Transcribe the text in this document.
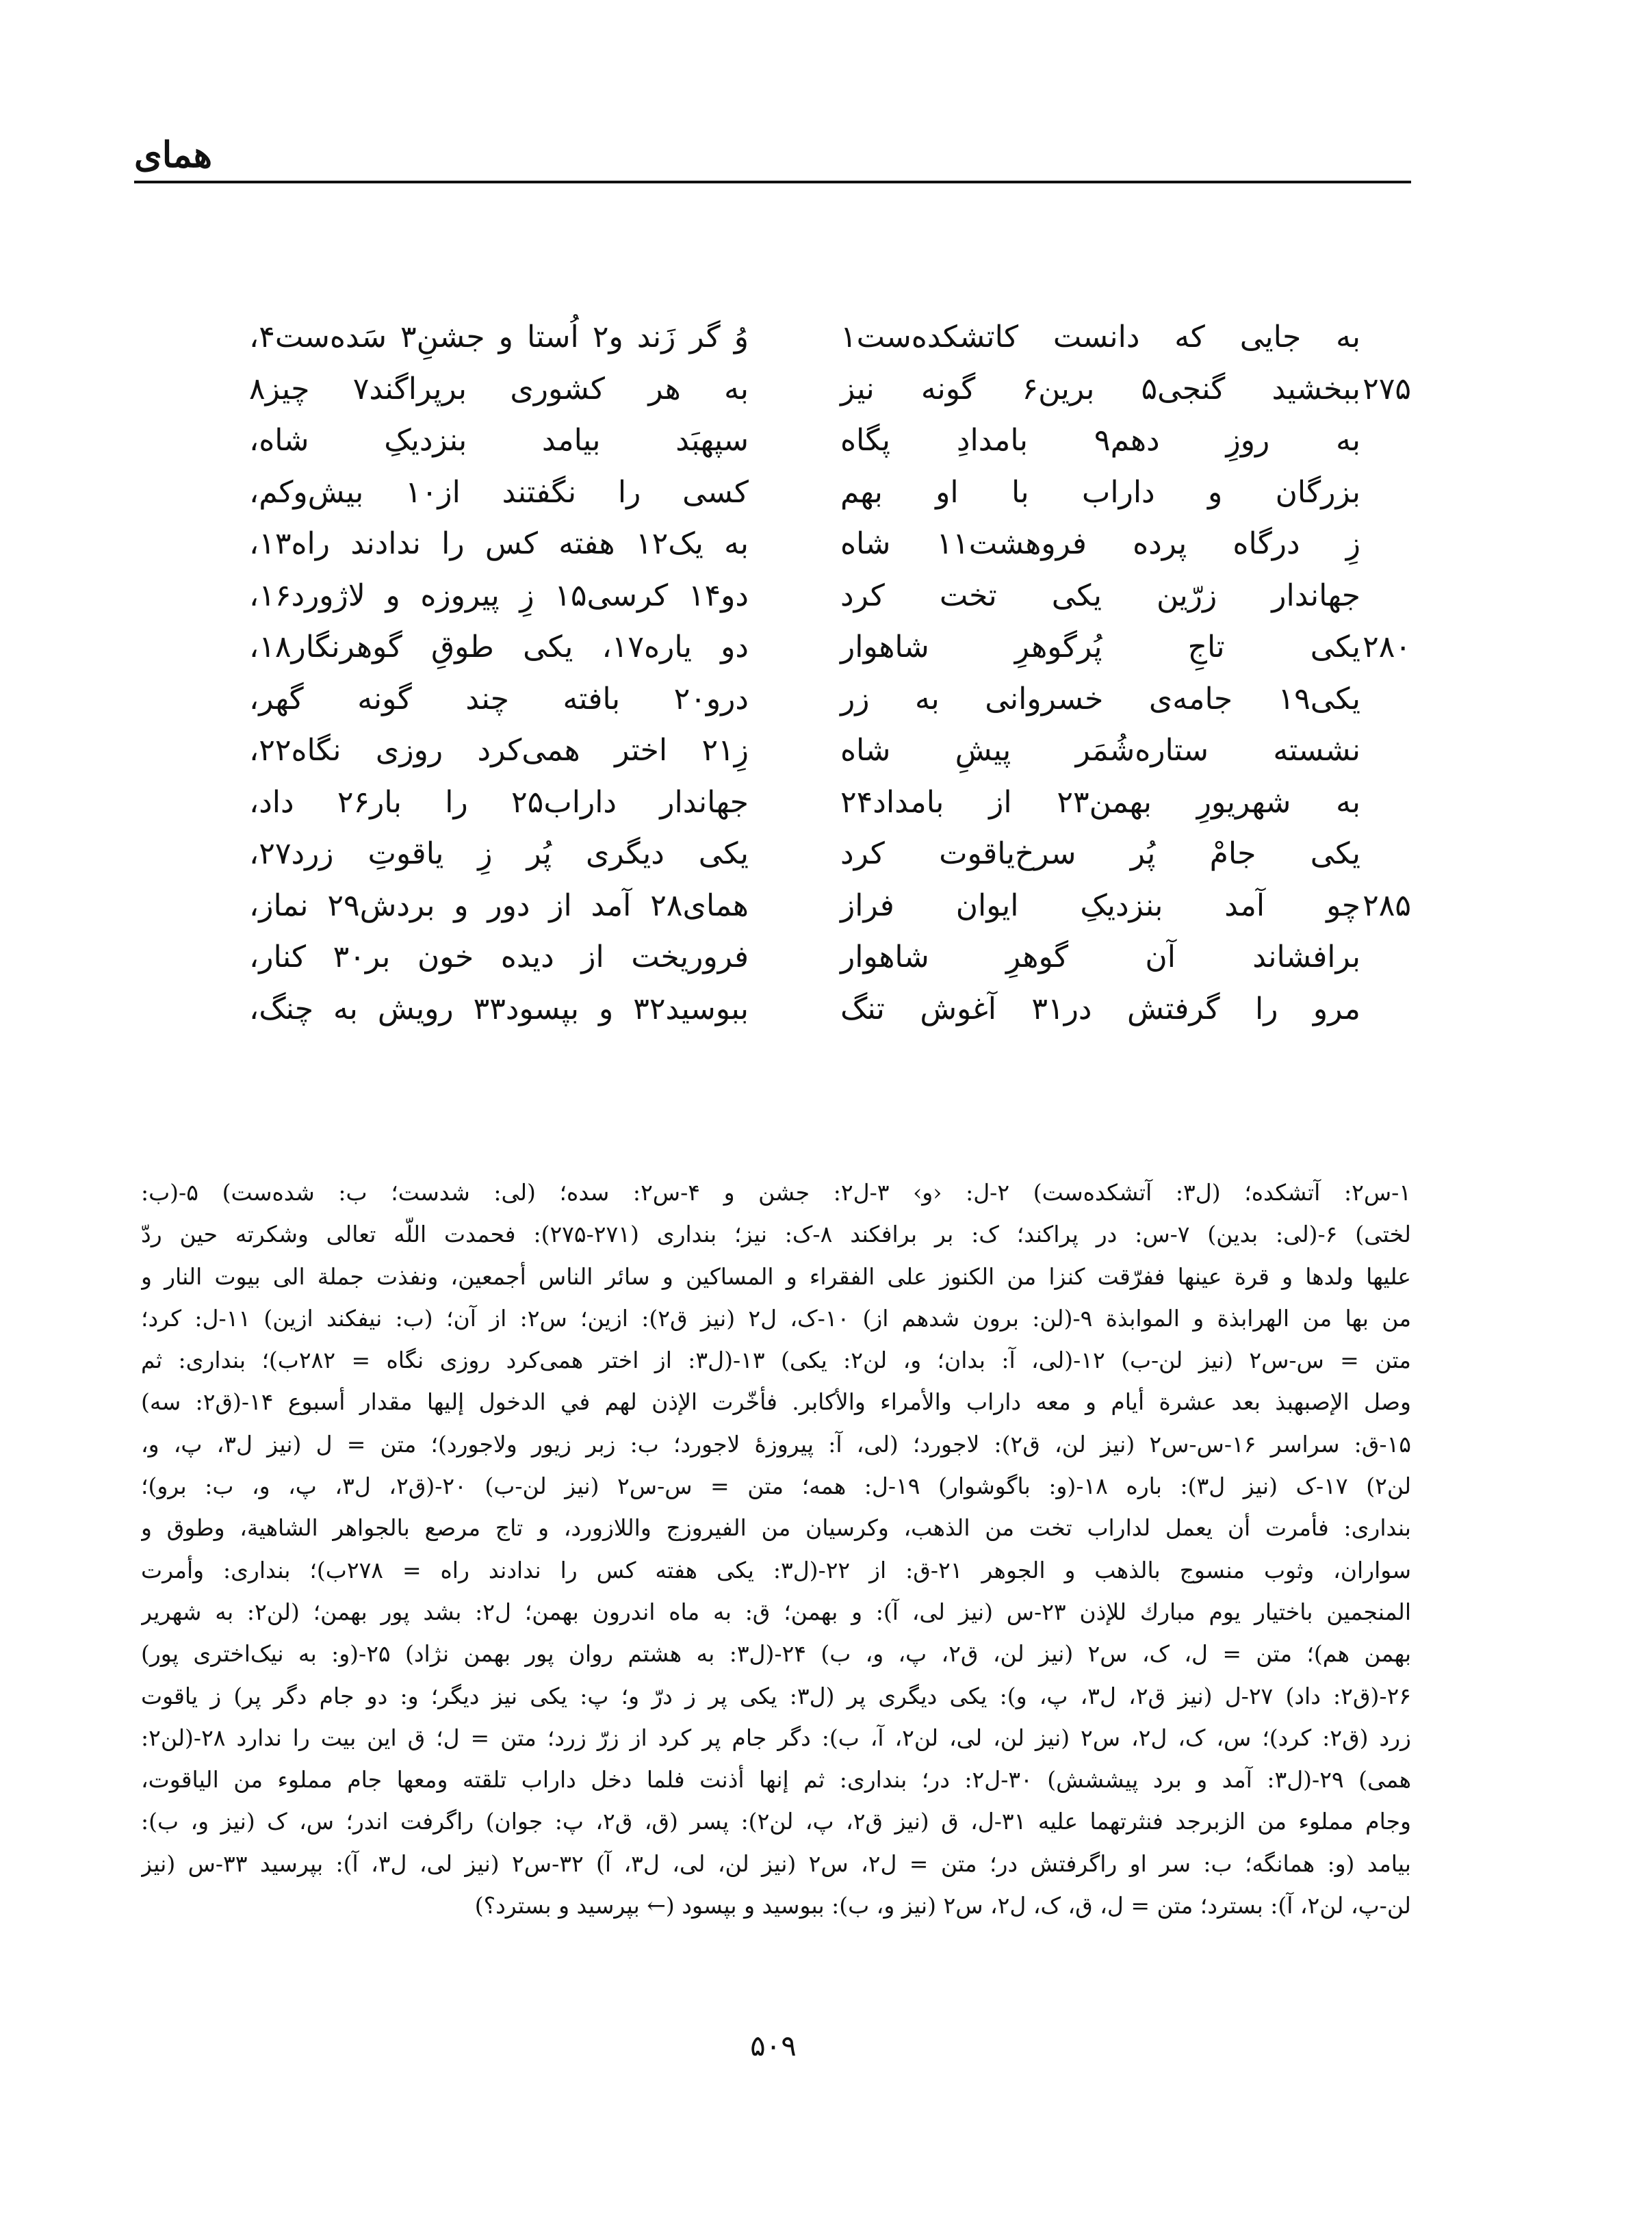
همای
به جایی که دانست کاتشکده‌ست۱
وُ گر زَند و۲ اُستا و جشنِ۳ سَده‌ست۴،
۲۷۵
ببخشید گنجی۵ برین۶ گونه نیز
به هر کشوری برپراگند۷ چیز۸
به روزِ دهم۹ بامدادِ پگاه
سپهبَد بیامد بنزدیکِ شاه،
بزرگان و داراب با او بهم
کسی را نگفتند از۱۰ بیش‌وکم،
زِ درگاه پرده فروهشت۱۱ شاه
به یک۱۲ هفته کس را ندادند راه۱۳،
جهاندار زرّین یکی تخت کرد
دو۱۴ کرسی۱۵ زِ پیروزه و لاژورد۱۶،
۲۸۰
یکی تاجِ پُرگوهرِ شاهوار
دو یاره۱۷، یکی طوقِ گوهرنگار۱۸،
یکی۱۹ جامه‌ی خسروانی به زر
درو۲۰ بافته چند گونه گهر،
نشسته ستاره‌شُمَر پیشِ شاه
زِ۲۱ اختر همی‌کرد روزی نگاه۲۲،
به شهریورِ بهمن۲۳ از بامداد۲۴
جهاندار داراب۲۵ را بار۲۶ داد،
یکی جامْ پُر سرخ‌یاقوت کرد
یکی دیگری پُر زِ یاقوتِ زرد۲۷،
۲۸۵
چو آمد بنزدیکِ ایوان فراز
همای۲۸ آمد از دور و بردش۲۹ نماز،
برافشاند آن گوهرِ شاهوار
فروریخت از دیده خون بر۳۰ کنار،
مرو را گرفتش در۳۱ آغوش تنگ
ببوسید۳۲ و بپسود۳۳ رویش به چنگ،
۱-س۲: آتشکده؛ (ل۳: آتشکده‌ست) ۲-ل: ‹و› ۳-ل۲: جشن و ۴-س۲: سده؛ (لی: شدست؛ ب: شده‌ست) ۵-(ب:
لختی) ۶-(لی: بدین) ۷-س: در پراکند؛ ک: بر برافکند ۸-ک: نیز؛ بنداری (۲۷۱-۲۷۵): فحمدت اللّه تعالى وشكرته حين ردّ
عليها ولدها و قرة عينها ففرّقت كنزا من الكنوز على الفقراء و المساكين و سائر الناس أجمعين، ونفذت جملة الى بيوت النار و
من بها من الهرابذة و الموابذة ۹-(لن: برون شدهم از) ۱۰-ک، ل۲ (نیز ق۲): ازین؛ س۲: از آن؛ (ب: نیفکند ازین) ۱۱-ل: کرد؛
متن = س-س۲ (نیز لن-ب) ۱۲-(لی، آ: بدان؛ و، لن۲: یکی) ۱۳-(ل۳: از اختر همی‌کرد روزی نگاه = ۲۸۲ب)؛ بنداری: ثم
وصل الإصبهبذ بعد عشرة أيام و معه داراب والأمراء والأكابر. فأخّرت الإذن لهم في الدخول إليها مقدار أسبوع ۱۴-(ق۲: سه)
۱۵-ق: سراسر ۱۶-س-س۲ (نیز لن، ق۲): لاجورد؛ (لی، آ: پیروزهٔ لاجورد؛ ب: زبر زیور ولاجورد)؛ متن = ل (نیز ل۳، پ، و،
لن۲) ۱۷-ک (نیز ل۳): باره ۱۸-(و: باگوشوار) ۱۹-ل: همه؛ متن = س-س۲ (نیز لن-ب) ۲۰-(ق۲، ل۳، پ، و، ب: برو)؛
بنداری: فأمرت أن يعمل لداراب تخت من الذهب، وكرسيان من الفيروزج واللازورد، و تاج مرصع بالجواهر الشاهية، وطوق و
سواران، وثوب منسوج بالذهب و الجوهر ۲۱-ق: از ۲۲-(ل۳: یکی هفته کس را ندادند راه = ۲۷۸ب)؛ بنداری: وأمرت
المنجمين باختيار يوم مبارك للإذن ۲۳-س (نیز لی، آ): و بهمن؛ ق: به ماه اندرون بهمن؛ ل۲: بشد پور بهمن؛ (لن۲: به شهریر
بهمن هم)؛ متن = ل، ک، س۲ (نیز لن، ق۲، پ، و، ب) ۲۴-(ل۳: به هشتم روان پور بهمن نژاد) ۲۵-(و: به نیک‌اختری پور)
۲۶-(ق۲: داد) ۲۷-ل (نیز ق۲، ل۳، پ، و): یکی دیگری پر (ل۳: یکی پر ز درّ و؛ پ: یکی نیز دیگر؛ و: دو جام دگر پر) ز یاقوت
زرد (ق۲: کرد)؛ س، ک، ل۲، س۲ (نیز لن، لی، لن۲، آ، ب): دگر جام پر کرد از زرّ زرد؛ متن = ل؛ ق این بیت را ندارد ۲۸-(لن۲:
همی) ۲۹-(ل۳: آمد و برد پیششش) ۳۰-ل۲: در؛ بنداری: ثم إنها أذنت فلما دخل داراب تلقته ومعها جام مملوء من الياقوت،
وجام مملوء من الزبرجد فنثرتهما عليه ۳۱-ل، ق (نیز ق۲، پ، لن۲): پسر (ق، ق۲، پ: جوان) راگرفت اندر؛ س، ک (نیز و، ب):
بیامد (و: همانگه؛ ب: سر او راگرفتش در؛ متن = ل۲، س۲ (نیز لن، لی، ل۳، آ) ۳۲-س۲ (نیز لی، ل۳، آ): بپرسید ۳۳-س (نیز
لن-پ، لن۲، آ): بسترد؛ متن = ل، ق، ک، ل۲، س۲ (نیز و، ب): ببوسید و بپسود (← بپرسید و بسترد؟)
۵۰۹
